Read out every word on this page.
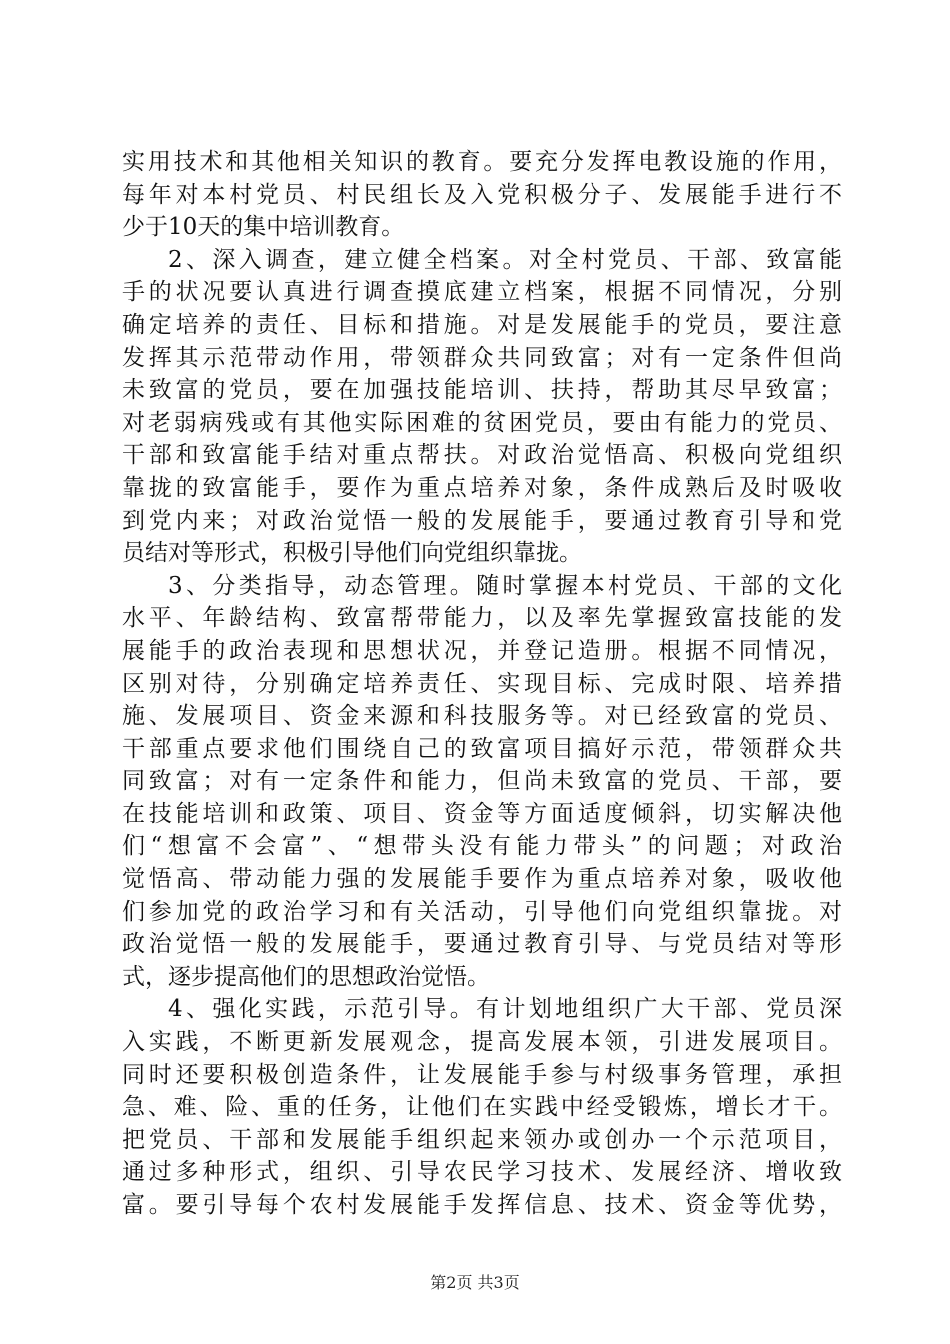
实用技术和其他相关知识的教育。要充分发挥电教设施的作用，
每年对本村党员、村民组长及入党积极分子、发展能手进行不
少于10天的集中培训教育。
2、深入调查，建立健全档案。对全村党员、干部、致富能
手的状况要认真进行调查摸底建立档案，根据不同情况，分别
确定培养的责任、目标和措施。对是发展能手的党员，要注意
发挥其示范带动作用，带领群众共同致富；对有一定条件但尚
未致富的党员，要在加强技能培训、扶持，帮助其尽早致富；
对老弱病残或有其他实际困难的贫困党员，要由有能力的党员、
干部和致富能手结对重点帮扶。对政治觉悟高、积极向党组织
靠拢的致富能手，要作为重点培养对象，条件成熟后及时吸收
到党内来；对政治觉悟一般的发展能手，要通过教育引导和党
员结对等形式，积极引导他们向党组织靠拢。
3、分类指导，动态管理。随时掌握本村党员、干部的文化
水平、年龄结构、致富帮带能力，以及率先掌握致富技能的发
展能手的政治表现和思想状况，并登记造册。根据不同情况，
区别对待，分别确定培养责任、实现目标、完成时限、培养措
施、发展项目、资金来源和科技服务等。对已经致富的党员、
干部重点要求他们围绕自己的致富项目搞好示范，带领群众共
同致富；对有一定条件和能力，但尚未致富的党员、干部，要
在技能培训和政策、项目、资金等方面适度倾斜，切实解决他
们“想富不会富”、“想带头没有能力带头”的问题；对政治
觉悟高、带动能力强的发展能手要作为重点培养对象，吸收他
们参加党的政治学习和有关活动，引导他们向党组织靠拢。对
政治觉悟一般的发展能手，要通过教育引导、与党员结对等形
式，逐步提高他们的思想政治觉悟。
4、强化实践，示范引导。有计划地组织广大干部、党员深
入实践，不断更新发展观念，提高发展本领，引进发展项目。
同时还要积极创造条件，让发展能手参与村级事务管理，承担
急、难、险、重的任务，让他们在实践中经受锻炼，增长才干。
把党员、干部和发展能手组织起来领办或创办一个示范项目，
通过多种形式，组织、引导农民学习技术、发展经济、增收致
富。要引导每个农村发展能手发挥信息、技术、资金等优势，
第2页 共3页
